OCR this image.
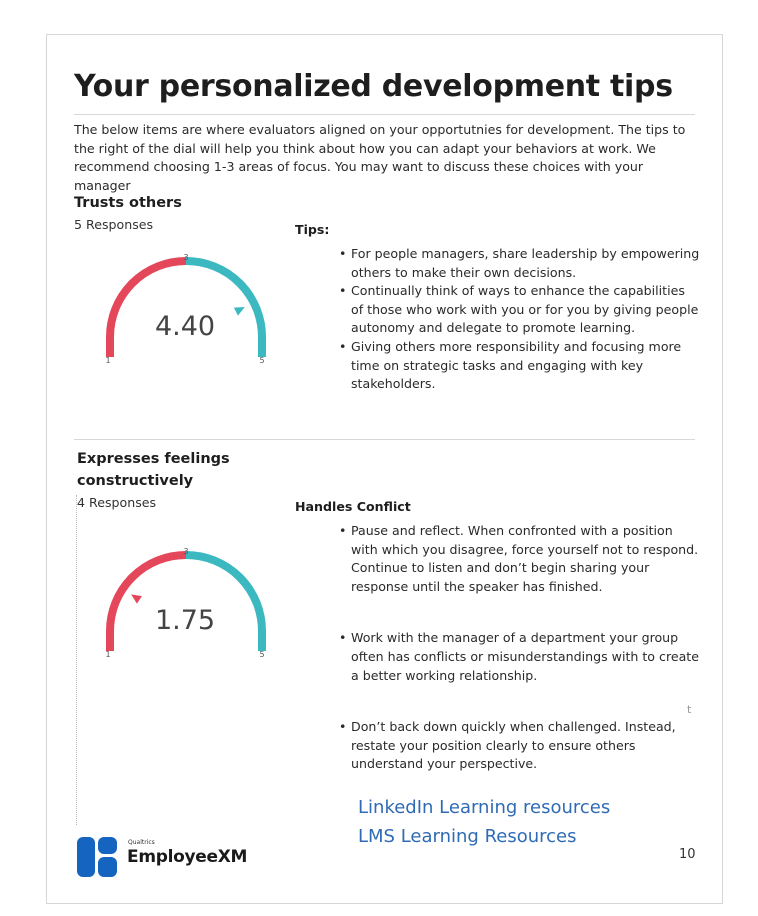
Your personalized development tips
The below items are where evaluators aligned on your opportutnies for development. The tips to the right of the dial will help you think about how you can adapt your behaviors at work. We recommend choosing 1-3 areas of focus. You may want to discuss these choices with your manager
Trusts others
5 Responses	Tips:
3
1	5
4.40
• For people managers, share leadership by empowering others to make their own decisions.
• Continually think of ways to enhance the capabilities of those who work with you or for you by giving people autonomy and delegate to promote learning.
• Giving others more responsibility and focusing more time on strategic tasks and engaging with key stakeholders.
Expresses feelings constructively
4 Responses	Handles Conflict
3
1	5
1.75
• Pause and reflect. When confronted with a position with which you disagree, force yourself not to respond. Continue to listen and don’t begin sharing your response until the speaker has finished.
• Work with the manager of a department your group often has conflicts or misunderstandings with to create a better working relationship.
• Don’t back down quickly when challenged. Instead, restate your position clearly to ensure others understand your perspective.
t
LinkedIn Learning resources
LMS Learning Resources
Qualtrics
EmployeeXM	10
